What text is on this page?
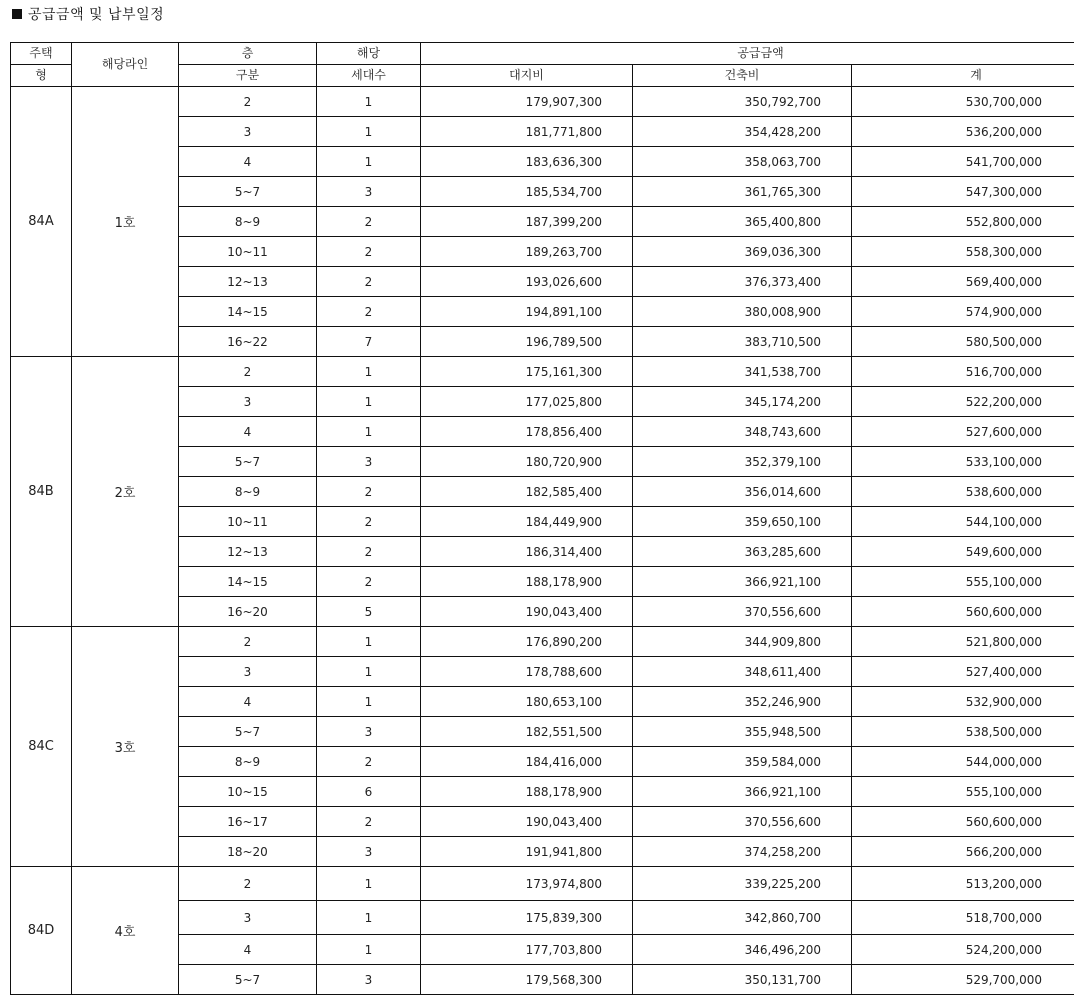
공급금액 및 납부일정
주택	해당라인	층	해당	공급금액		
형		구분	세대수	대지비	건축비	계
84A	1호	2	1	179,907,300	350,792,700	530,700,000
		3	1	181,771,800	354,428,200	536,200,000
		4	1	183,636,300	358,063,700	541,700,000
		5~7	3	185,534,700	361,765,300	547,300,000
		8~9	2	187,399,200	365,400,800	552,800,000
		10~11	2	189,263,700	369,036,300	558,300,000
		12~13	2	193,026,600	376,373,400	569,400,000
		14~15	2	194,891,100	380,008,900	574,900,000
		16~22	7	196,789,500	383,710,500	580,500,000
84B	2호	2	1	175,161,300	341,538,700	516,700,000
		3	1	177,025,800	345,174,200	522,200,000
		4	1	178,856,400	348,743,600	527,600,000
		5~7	3	180,720,900	352,379,100	533,100,000
		8~9	2	182,585,400	356,014,600	538,600,000
		10~11	2	184,449,900	359,650,100	544,100,000
		12~13	2	186,314,400	363,285,600	549,600,000
		14~15	2	188,178,900	366,921,100	555,100,000
		16~20	5	190,043,400	370,556,600	560,600,000
84C	3호	2	1	176,890,200	344,909,800	521,800,000
		3	1	178,788,600	348,611,400	527,400,000
		4	1	180,653,100	352,246,900	532,900,000
		5~7	3	182,551,500	355,948,500	538,500,000
		8~9	2	184,416,000	359,584,000	544,000,000
		10~15	6	188,178,900	366,921,100	555,100,000
		16~17	2	190,043,400	370,556,600	560,600,000
		18~20	3	191,941,800	374,258,200	566,200,000
84D	4호	2	1	173,974,800	339,225,200	513,200,000
		3	1	175,839,300	342,860,700	518,700,000
		4	1	177,703,800	346,496,200	524,200,000
		5~7	3	179,568,300	350,131,700	529,700,000
